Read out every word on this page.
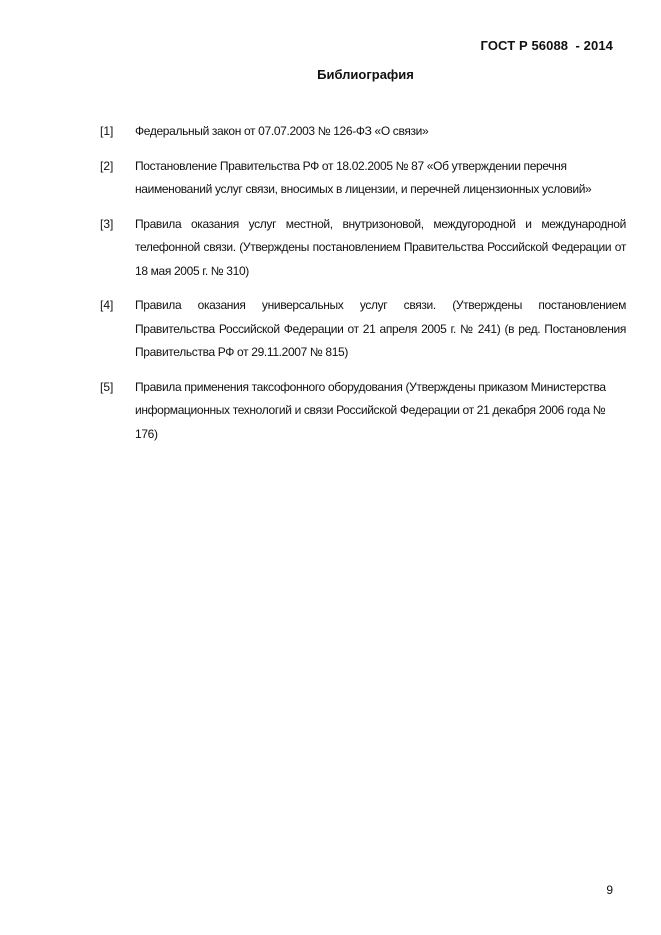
ГОСТ Р 56088  - 2014
Библиография
[1]	Федеральный закон от 07.07.2003 № 126-ФЗ «О связи»
[2]	Постановление Правительства РФ от 18.02.2005 № 87 «Об утверждении перечня наименований услуг связи, вносимых в лицензии, и перечней лицензионных условий»
[3]	Правила оказания услуг местной, внутризоновой, междугородной и международной телефонной связи. (Утверждены постановлением Правительства Российской Федерации от 18 мая 2005 г. № 310)
[4]	Правила оказания универсальных услуг связи. (Утверждены постановлением Правительства Российской Федерации от 21 апреля 2005 г. № 241) (в ред. Постановления Правительства РФ от 29.11.2007 № 815)
[5]	Правила применения таксофонного оборудования (Утверждены приказом Министерства информационных технологий и связи Российской Федерации от 21 декабря 2006 года № 176)
9
